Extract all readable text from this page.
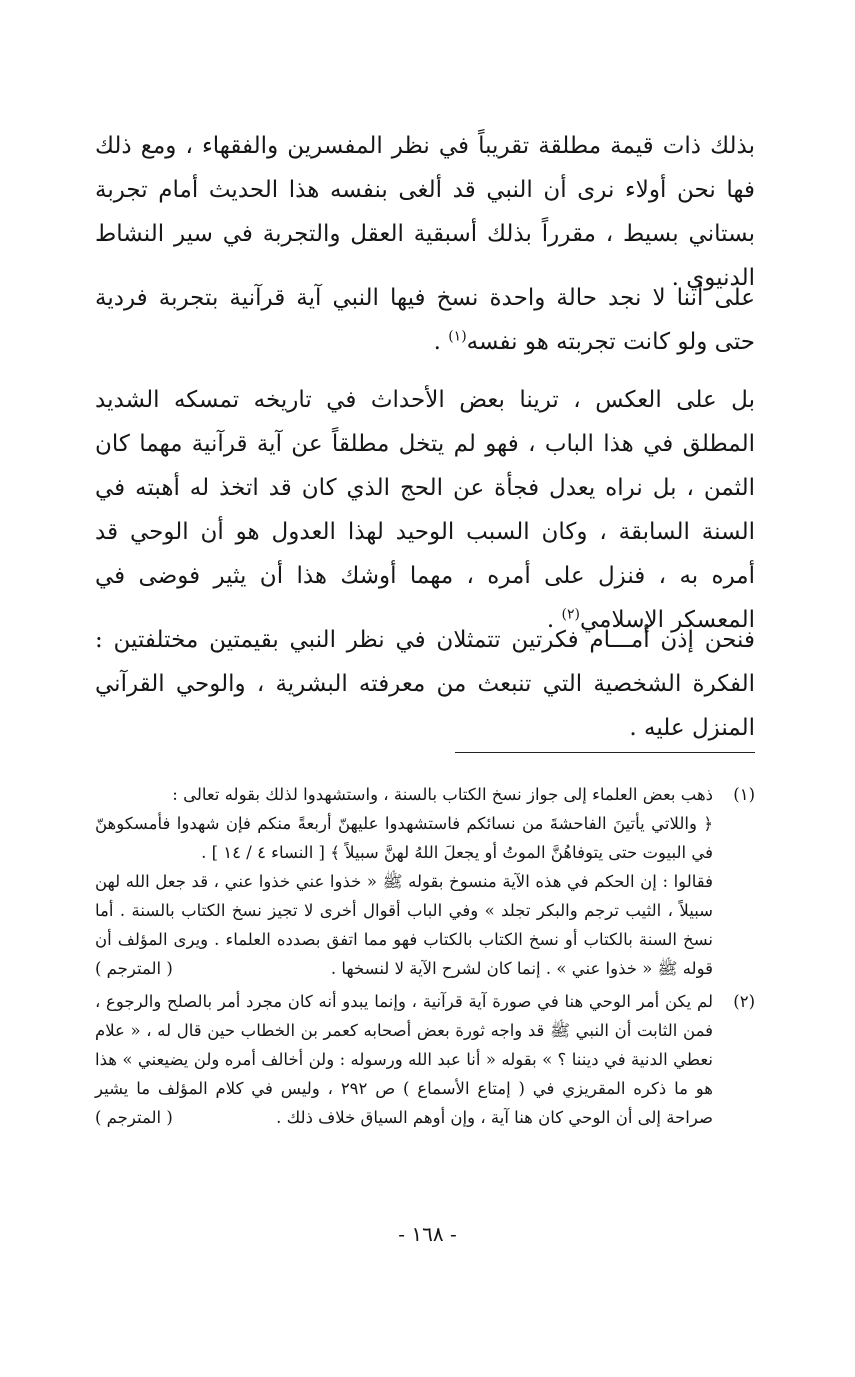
بذلك ذات قيمة مطلقة تقريباً في نظر المفسرين والفقهاء ، ومع ذلك فها نحن أولاء نرى أن النبي قد ألغى بنفسه هذا الحديث أمام تجربة بستاني بسيط ، مقرراً بذلك أسبقية العقل والتجربة في سير النشاط الدنيوي .

على أننا لا نجد حالة واحدة نسخ فيها النبي آية قرآنية بتجربة فردية حتى ولو كانت تجربته هو نفسه$^{(١)}$ .

بل على العكس ، ترينا بعض الأحداث في تاريخه تمسكه الشديد المطلق في هذا الباب ، فهو لم يتخل مطلقاً عن آية قرآنية مهما كان الثمن ، بل نراه يعدل فجأة عن الحج الذي كان قد اتخذ له أهبته في السنة السابقة ، وكان السبب الوحيد لهذا العدول هو أن الوحي قد أمره به ، فنزل على أمره ، مهما أوشك هذا أن يثير فوضى في المعسكر الإسلامي$^{(٢)}$ .

فنحن إذن أمـــام فكرتين تتمثلان في نظر النبي بقيمتين مختلفتين : الفكرة الشخصية التي تنبعث من معرفته البشرية ، والوحي القرآني المنزل عليه .

(١)
ذهب بعض العلماء إلى جواز نسخ الكتاب بالسنة ، واستشهدوا لذلك بقوله تعالى :
﴿ واللاتي يأتينَ الفاحشةَ من نسائكم فاستشهدوا عليهنّ أربعةً منكم فإن شهدوا فأمسكوهنّ في البيوت حتى يتوفاهُنَّ الموتُ أو يجعلَ اللهُ لهنَّ سبيلاً ﴾ [ النساء ٤ / ١٤ ] .
فقالوا : إن الحكم في هذه الآية منسوخ بقوله ﷺ « خذوا عني خذوا عني ، قد جعل الله لهن سبيلاً ، الثيب ترجم والبكر تجلد » وفي الباب أقوال أخرى لا تجيز نسخ الكتاب بالسنة . أما نسخ السنة بالكتاب أو نسخ الكتاب بالكتاب فهو مما اتفق بصدده العلماء . ويرى المؤلف أن قوله ﷺ « خذوا عني » . إنما كان لشرح الآية لا لنسخها .
( المترجم )
(٢)
لم يكن أمر الوحي هنا في صورة آية قرآنية ، وإنما يبدو أنه كان مجرد أمر بالصلح والرجوع ، فمن الثابت أن النبي ﷺ قد واجه ثورة بعض أصحابه كعمر بن الخطاب حين قال له ، « علام نعطي الدنية في ديننا ؟ » بقوله « أنا عبد الله ورسوله : ولن أخالف أمره ولن يضيعني » هذا هو ما ذكره المقريزي في ( إمتاع الأسماع ) ص ٢٩٢ ، وليس في كلام المؤلف ما يشير صراحة إلى أن الوحي كان هنا آية ، وإن أوهم السياق خلاف ذلك .
( المترجم )
- ١٦٨ -
